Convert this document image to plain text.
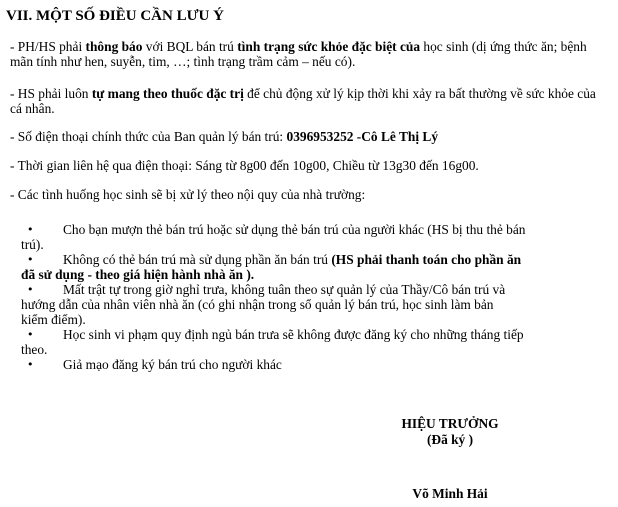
VII. MỘT SỐ ĐIỀU CẦN LƯU Ý
- PH/HS phải thông báo với BQL bán trú tình trạng sức khỏe đặc biệt của học sinh (dị ứng thức ăn; bệnh mãn tính như hen, suyễn, tim, …; tình trạng trầm cảm – nếu có).
- HS phải luôn tự mang theo thuốc đặc trị để chủ động xử lý kịp thời khi xảy ra bất thường về sức khỏe của cá nhân.
- Số điện thoại chính thức của Ban quản lý bán trú: 0396953252 -Cô Lê Thị Lý
- Thời gian liên hệ qua điện thoại: Sáng từ 8g00 đến 10g00, Chiều từ 13g30 đến 16g00.
- Các tình huống học sinh sẽ bị xử lý theo nội quy của nhà trường:
• Cho bạn mượn thẻ bán trú hoặc sử dụng thẻ bán trú của người khác (HS bị thu thẻ bán
trú).
• Không có thẻ bán trú mà sử dụng phần ăn bán trú (HS phải thanh toán cho phần ăn
đã sử dụng - theo giá hiện hành nhà ăn ).
• Mất trật tự trong giờ nghỉ trưa, không tuân theo sự quản lý của Thầy/Cô bán trú và
hướng dẫn của nhân viên nhà ăn (có ghi nhận trong sổ quản lý bán trú, học sinh làm bản
kiểm điểm).
• Học sinh vi phạm quy định ngủ bán trưa sẽ không được đăng ký cho những tháng tiếp
theo.
• Giả mạo đăng ký bán trú cho người khác
HIỆU TRƯỞNG
(Đã ký )
Võ Minh Hải
